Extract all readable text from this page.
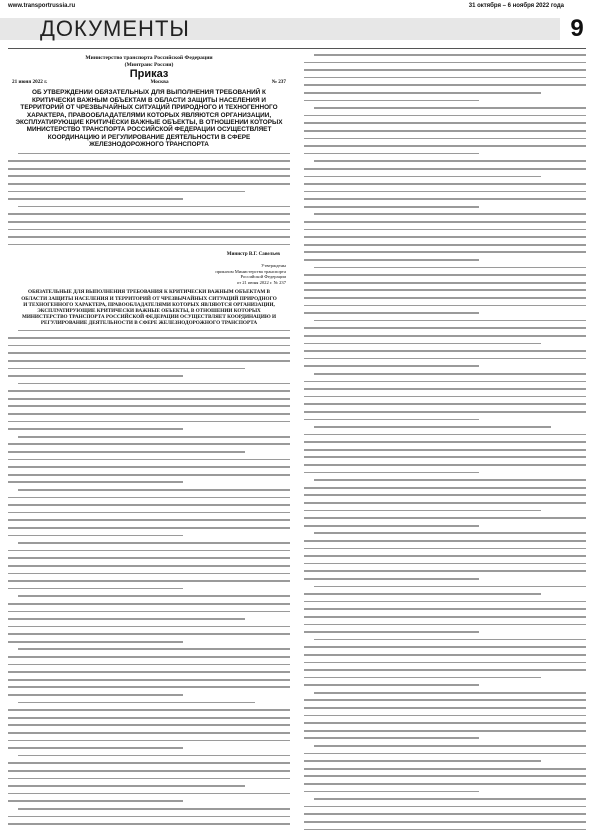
www.transportrussia.ru	31 октября – 6 ноября 2022 года
ДОКУМЕНТЫ	9
Министерство транспорта Российской Федерации
(Минтранс России)
Приказ
21 июня 2022 г.	Москва	№ 237
ОБ УТВЕРЖДЕНИИ ОБЯЗАТЕЛЬНЫХ ДЛЯ ВЫПОЛНЕНИЯ ТРЕБОВАНИЙ К КРИТИЧЕСКИ ВАЖНЫМ ОБЪЕКТАМ В ОБЛАСТИ ЗАЩИТЫ НАСЕЛЕНИЯ И ТЕРРИТОРИЙ ОТ ЧРЕЗВЫЧАЙНЫХ СИТУАЦИЙ ПРИРОДНОГО И ТЕХНОГЕННОГО ХАРАКТЕРА, ПРАВООБЛАДАТЕЛЯМИ КОТОРЫХ ЯВЛЯЮТСЯ ОРГАНИЗАЦИИ, ЭКСПЛУАТИРУЮЩИЕ КРИТИЧЕСКИ ВАЖНЫЕ ОБЪЕКТЫ, В ОТНОШЕНИИ КОТОРЫХ МИНИСТЕРСТВО ТРАНСПОРТА РОССИЙСКОЙ ФЕДЕРАЦИИ ОСУЩЕСТВЛЯЕТ КООРДИНАЦИЮ И РЕГУЛИРОВАНИЕ ДЕЯТЕЛЬНОСТИ В СФЕРЕ ЖЕЛЕЗНОДОРОЖНОГО ТРАНСПОРТА
Министр В.Г. Савельев
Утверждены
приказом Министерства транспорта
Российской Федерации
от 21 июня 2022 г. № 237
ОБЯЗАТЕЛЬНЫЕ ДЛЯ ВЫПОЛНЕНИЯ ТРЕБОВАНИЯ К КРИТИЧЕСКИ ВАЖНЫМ ОБЪЕКТАМ В ОБЛАСТИ ЗАЩИТЫ НАСЕЛЕНИЯ И ТЕРРИТОРИЙ ОТ ЧРЕЗВЫЧАЙНЫХ СИТУАЦИЙ ПРИРОДНОГО И ТЕХНОГЕННОГО ХАРАКТЕРА, ПРАВООБЛАДАТЕЛЯМИ КОТОРЫХ ЯВЛЯЮТСЯ ОРГАНИЗАЦИИ, ЭКСПЛУАТИРУЮЩИЕ КРИТИЧЕСКИ ВАЖНЫЕ ОБЪЕКТЫ, В ОТНОШЕНИИ КОТОРЫХ МИНИСТЕРСТВО ТРАНСПОРТА РОССИЙСКОЙ ФЕДЕРАЦИИ ОСУЩЕСТВЛЯЕТ КООРДИНАЦИЮ И РЕГУЛИРОВАНИЕ ДЕЯТЕЛЬНОСТИ В СФЕРЕ ЖЕЛЕЗНОДОРОЖНОГО ТРАНСПОРТА
